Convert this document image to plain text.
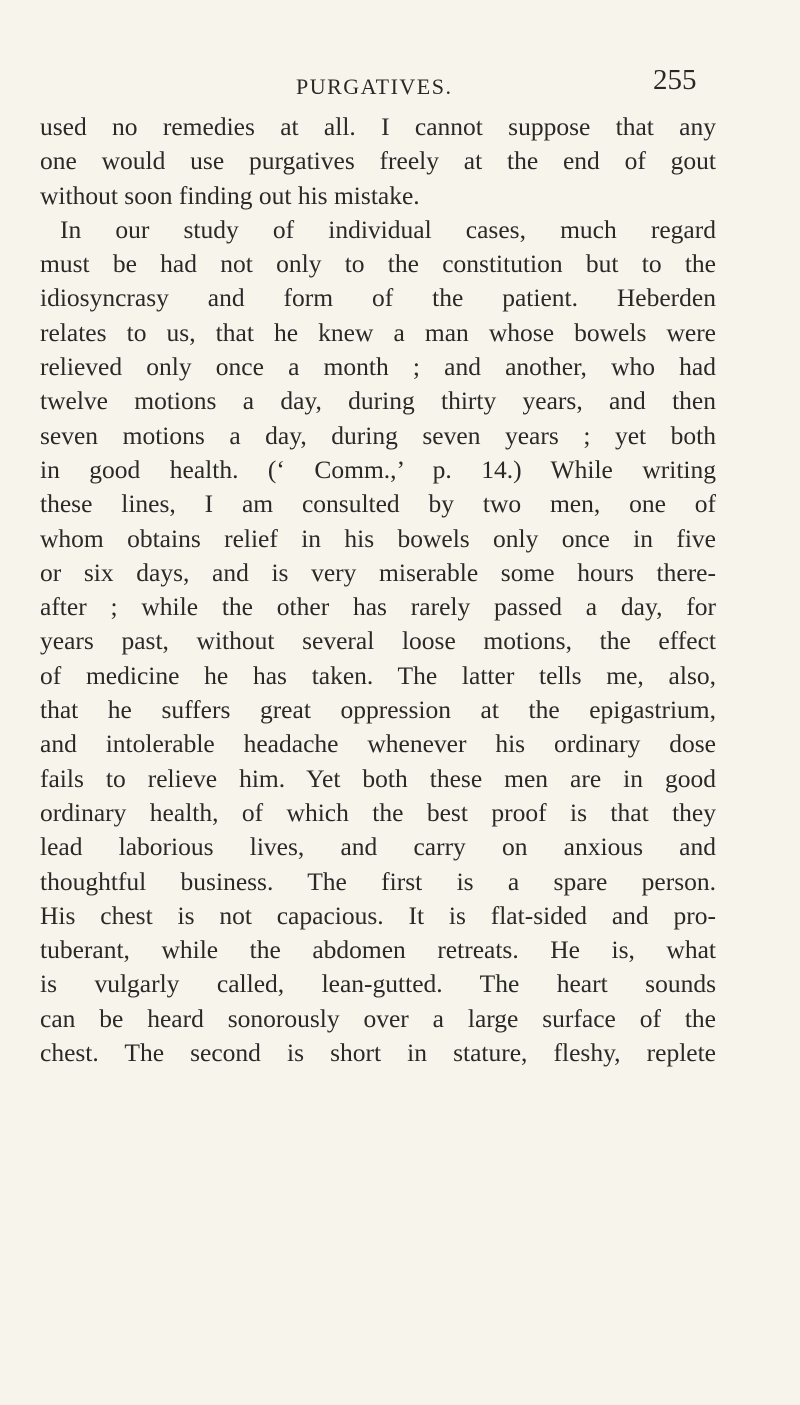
PURGATIVES.	255
used no remedies at all. I cannot suppose that any
one would use purgatives freely at the end of gout
without soon finding out his mistake.
In our study of individual cases, much regard
must be had not only to the constitution but to the
idiosyncrasy and form of the patient. Heberden
relates to us, that he knew a man whose bowels were
relieved only once a month ; and another, who had
twelve motions a day, during thirty years, and then
seven motions a day, during seven years ; yet both
in good health. (‘ Comm.,’ p. 14.) While writing
these lines, I am consulted by two men, one of
whom obtains relief in his bowels only once in five
or six days, and is very miserable some hours there-
after ; while the other has rarely passed a day, for
years past, without several loose motions, the effect
of medicine he has taken. The latter tells me, also,
that he suffers great oppression at the epigastrium,
and intolerable headache whenever his ordinary dose
fails to relieve him. Yet both these men are in good
ordinary health, of which the best proof is that they
lead laborious lives, and carry on anxious and
thoughtful business. The first is a spare person.
His chest is not capacious. It is flat-sided and pro-
tuberant, while the abdomen retreats. He is, what
is vulgarly called, lean-gutted. The heart sounds
can be heard sonorously over a large surface of the
chest. The second is short in stature, fleshy, replete
